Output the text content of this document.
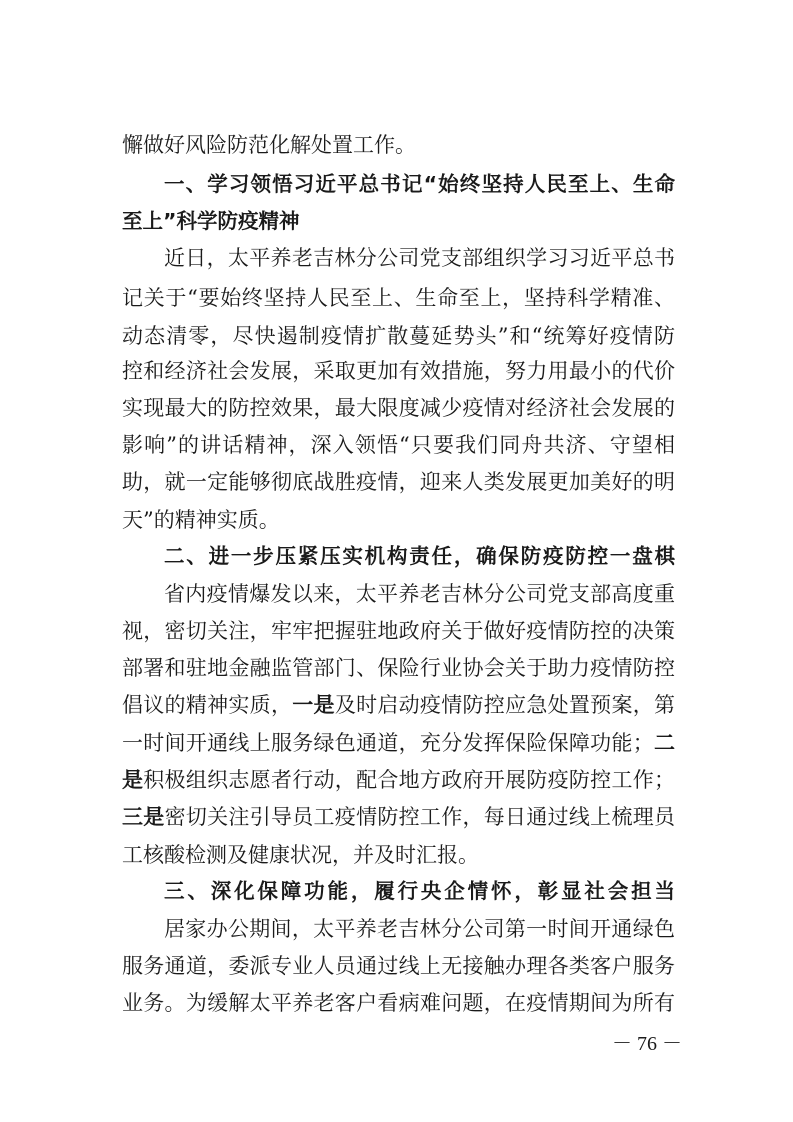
懈做好风险防范化解处置工作。
一、学习领悟习近平总书记“始终坚持人民至上、生命
至上”科学防疫精神
近日，太平养老吉林分公司党支部组织学习习近平总书
记关于“要始终坚持人民至上、生命至上，坚持科学精准、
动态清零，尽快遏制疫情扩散蔓延势头”和“统筹好疫情防
控和经济社会发展，采取更加有效措施，努力用最小的代价
实现最大的防控效果，最大限度减少疫情对经济社会发展的
影响”的讲话精神，深入领悟“只要我们同舟共济、守望相
助，就一定能够彻底战胜疫情，迎来人类发展更加美好的明
天”的精神实质。
二、进一步压紧压实机构责任，确保防疫防控一盘棋
省内疫情爆发以来，太平养老吉林分公司党支部高度重
视，密切关注，牢牢把握驻地政府关于做好疫情防控的决策
部署和驻地金融监管部门、保险行业协会关于助力疫情防控
倡议的精神实质，一是及时启动疫情防控应急处置预案，第
一时间开通线上服务绿色通道，充分发挥保险保障功能；二
是积极组织志愿者行动，配合地方政府开展防疫防控工作；
三是密切关注引导员工疫情防控工作，每日通过线上梳理员
工核酸检测及健康状况，并及时汇报。
三、深化保障功能，履行央企情怀，彰显社会担当
居家办公期间，太平养老吉林分公司第一时间开通绿色
服务通道，委派专业人员通过线上无接触办理各类客户服务
业务。为缓解太平养老客户看病难问题，在疫情期间为所有
－ 76 －
